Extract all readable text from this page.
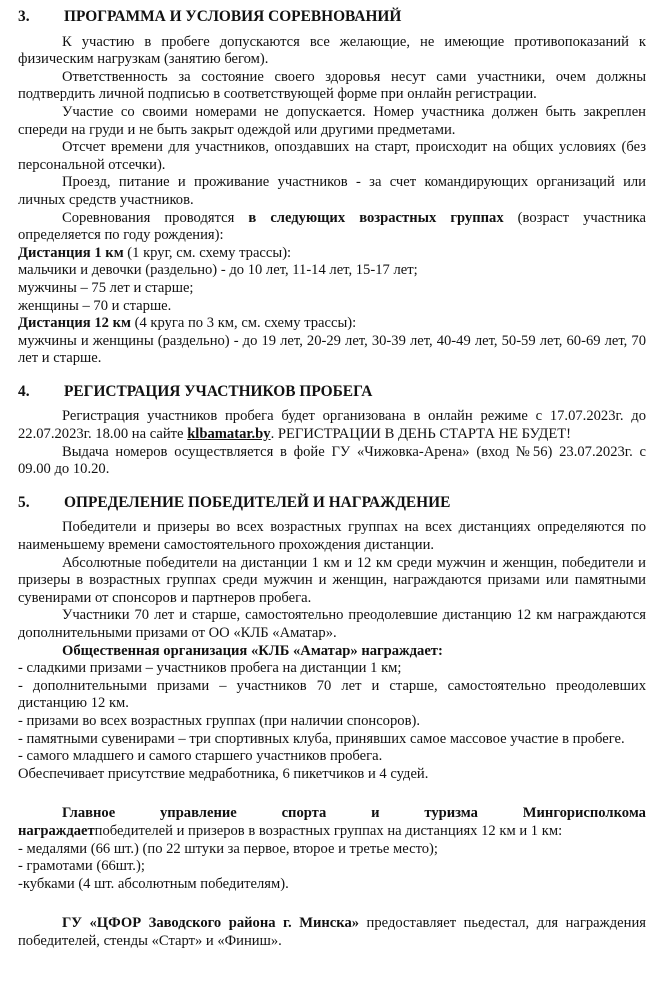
3.	ПРОГРАММА И УСЛОВИЯ СОРЕВНОВАНИЙ

К участию в пробеге допускаются все желающие, не имеющие противопоказаний к физическим нагрузкам (занятию бегом).

Ответственность за состояние своего здоровья несут сами участники, очем должны подтвердить личной подписью в соответствующей форме при онлайн регистрации.

Участие со своими номерами не допускается. Номер участника должен быть закреплен спереди на груди и не быть закрыт одеждой или другими предметами.

Отсчет времени для участников, опоздавших на старт, происходит на общих условиях (без персональной отсечки).

Проезд, питание и проживание участников - за счет командирующих организаций или личных средств участников.

Соревнования проводятся в следующих возрастных группах (возраст участника определяется по году рождения):

Дистанция 1 км (1 круг, см. схему трассы):

мальчики и девочки (раздельно) - до 10 лет, 11-14 лет, 15-17 лет;

мужчины – 75 лет и старше;

женщины – 70 и старше.

Дистанция 12 км (4 круга по 3 км, см. схему трассы):

мужчины и женщины (раздельно) - до 19 лет, 20-29 лет, 30-39 лет, 40-49 лет, 50-59 лет, 60-69 лет, 70 лет и старше.

4.	РЕГИСТРАЦИЯ УЧАСТНИКОВ ПРОБЕГА

Регистрация участников пробега будет организована в онлайн режиме с 17.07.2023г. до 22.07.2023г. 18.00 на сайте klbamatar.by. РЕГИСТРАЦИИ В ДЕНЬ СТАРТА НЕ БУДЕТ!

Выдача номеров осуществляется в фойе ГУ «Чижовка-Арена» (вход №56) 23.07.2023г. с 09.00 до 10.20.

5.	ОПРЕДЕЛЕНИЕ ПОБЕДИТЕЛЕЙ И НАГРАЖДЕНИЕ

Победители и призеры во всех возрастных группах на всех дистанциях определяются по наименьшему времени самостоятельного прохождения дистанции.

Абсолютные победители на дистанции 1 км и 12 км среди мужчин и женщин, победители и призеры в возрастных группах среди мужчин и женщин, награждаются призами или памятными сувенирами от спонсоров и партнеров пробега.

Участники 70 лет и старше, самостоятельно преодолевшие дистанцию 12 км награждаются дополнительными призами от ОО «КЛБ «Аматар».

Общественная организация «КЛБ «Аматар» награждает:

- сладкими призами – участников пробега на дистанции 1 км;

- дополнительными призами – участников 70 лет и старше, самостоятельно преодолевших дистанцию 12 км.

- призами во всех возрастных группах (при наличии спонсоров).

- памятными сувенирами – три спортивных клуба, принявших самое массовое участие в пробеге.

- самого младшего и самого старшего участников пробега.

Обеспечивает присутствие медработника, 6 пикетчиков и 4 судей.

Главное	управление	спорта	и	туризма	Мингорисполкома

награждаетпобедителей и призеров в возрастных группах на дистанциях 12 км и 1 км:

- медалями (66 шт.) (по 22 штуки за первое, второе и третье место);

- грамотами (66шт.);

-кубками (4 шт. абсолютным победителям).

ГУ «ЦФОР Заводского района г. Минска» предоставляет пьедестал, для награждения победителей, стенды «Старт» и «Финиш».
